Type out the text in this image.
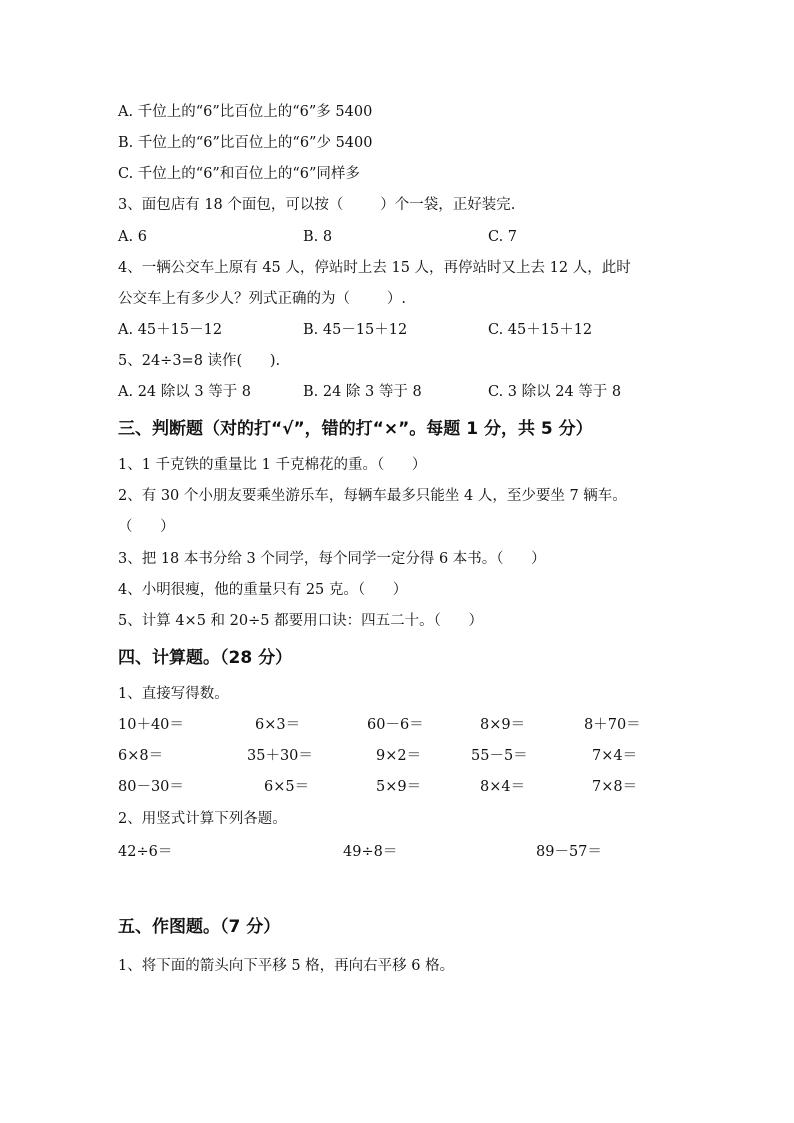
A. 千位上的“6”比百位上的“6”多 5400

B. 千位上的“6”比百位上的“6”少 5400

C. 千位上的“6”和百位上的“6”同样多

3、面包店有 18 个面包，可以按（        ）个一袋，正好装完.

A. 6	B. 8	C. 7

4、一辆公交车上原有 45 人，停站时上去 15 人，再停站时又上去 12 人，此时

公交车上有多少人？列式正确的为（        ）.

A. 45＋15－12	B. 45－15＋12	C. 45＋15＋12

5、24÷3=8 读作(      ).

A. 24 除以 3 等于 8	B. 24 除 3 等于 8	C. 3 除以 24 等于 8
三、判断题（对的打“√”，错的打“×”。每题 1 分，共 5 分）

1、1 千克铁的重量比 1 千克棉花的重。（      ）

2、有 30 个小朋友要乘坐游乐车，每辆车最多只能坐 4 人，至少要坐 7 辆车。

（      ）

3、把 18 本书分给 3 个同学，每个同学一定分得 6 本书。（      ）

4、小明很瘦，他的重量只有 25 克。（      ）

5、计算 4×5 和 20÷5 都要用口诀：四五二十。（      ）

四、计算题。（28 分）

1、直接写得数。

10＋40＝	6×3＝	60－6＝	8×9＝	8＋70＝
6×8＝	35＋30＝	9×2＝	55－5＝	7×4＝
80－30＝	6×5＝	5×9＝	8×4＝	7×8＝

2、用竖式计算下列各题。

42÷6＝	49÷8＝	89－57＝
五、作图题。（7 分）

1、将下面的箭头向下平移 5 格，再向右平移 6 格。
